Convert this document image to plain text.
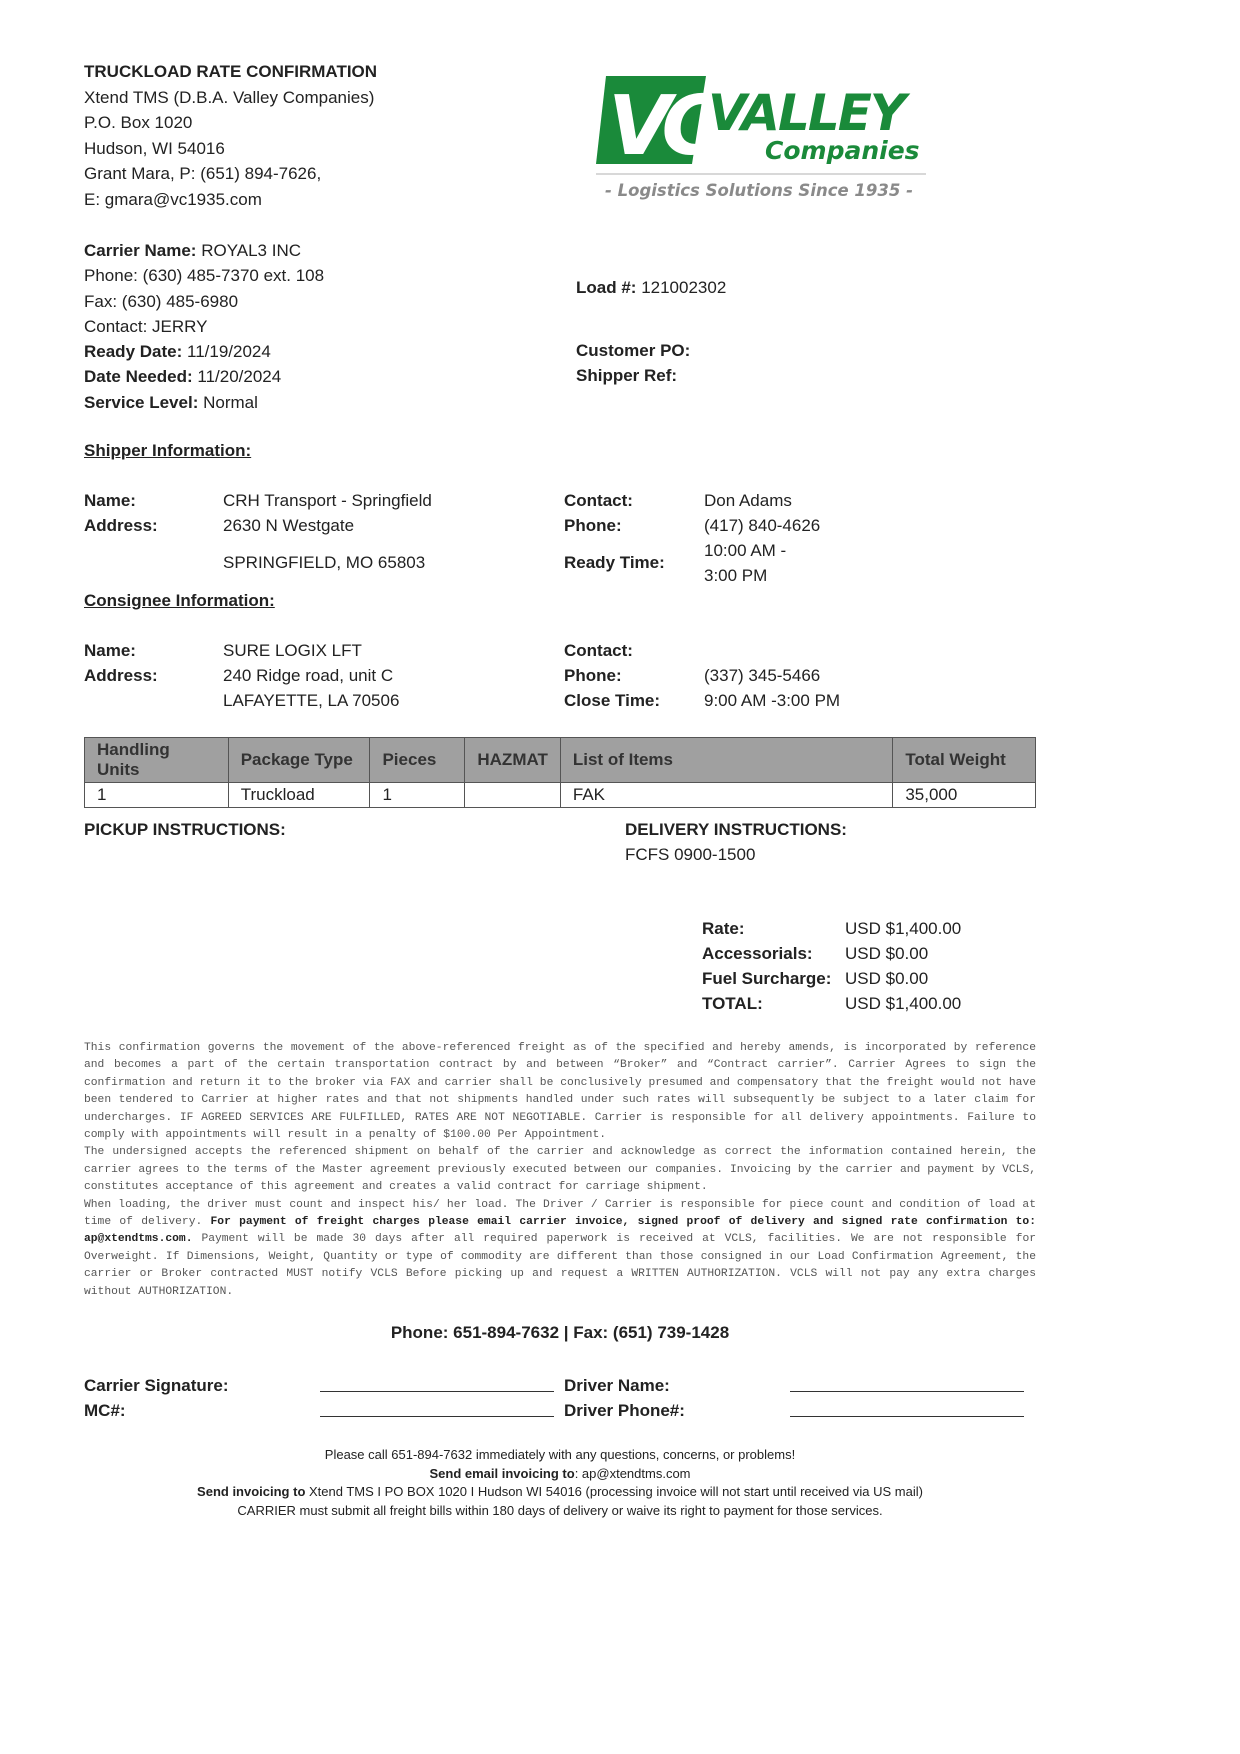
TRUCKLOAD RATE CONFIRMATION
Xtend TMS (D.B.A. Valley Companies)
P.O. Box 1020
Hudson, WI 54016
Grant Mara, P: (651) 894-7626,
E: gmara@vc1935.com
VC
VALLEY
Companies
- Logistics Solutions Since 1935 -
Carrier Name: ROYAL3 INC
Phone: (630) 485-7370 ext. 108
Fax: (630) 485-6980
Contact: JERRY
Ready Date: 11/19/2024
Date Needed: 11/20/2024
Service Level: Normal
Load #: 121002302
Customer PO:
Shipper Ref:
Shipper Information:
Name:	CRH Transport - Springfield
Address:	2630 N Westgate
SPRINGFIELD, MO 65803
Contact:	Don Adams
Phone:	(417) 840-4626
Ready Time:
10:00 AM -
3:00 PM
Consignee Information:
Name:	SURE LOGIX LFT
Address:	240 Ridge road, unit C
LAFAYETTE, LA 70506
Contact:
Phone:	(337) 345-5466
Close Time:	9:00 AM -3:00 PM
Handling Units	Package Type	Pieces	HAZMAT	List of Items	Total Weight
1	Truckload	1		FAK	35,000
PICKUP INSTRUCTIONS:	DELIVERY INSTRUCTIONS:
FCFS 0900-1500
Rate:	USD $1,400.00
Accessorials:	USD $0.00
Fuel Surcharge:	USD $0.00
TOTAL:	USD $1,400.00

This confirmation governs the movement of the above-referenced freight as of the specified and hereby amends, is incorporated by reference and becomes a part of the certain transportation contract by and between “Broker” and “Contract carrier”. Carrier Agrees to sign the confirmation and return it to the broker via FAX and carrier shall be conclusively presumed and compensatory that the freight would not have been tendered to Carrier at higher rates and that not shipments handled under such rates will subsequently be subject to a later claim for undercharges. IF AGREED SERVICES ARE FULFILLED, RATES ARE NOT NEGOTIABLE. Carrier is responsible for all delivery appointments. Failure to comply with appointments will result in a penalty of $100.00 Per Appointment.

The undersigned accepts the referenced shipment on behalf of the carrier and acknowledge as correct the information contained herein, the carrier agrees to the terms of the Master agreement previously executed between our companies. Invoicing by the carrier and payment by VCLS, constitutes acceptance of this agreement and creates a valid contract for carriage shipment.

When loading, the driver must count and inspect his/ her load. The Driver / Carrier is responsible for piece count and condition of load at time of delivery. For payment of freight charges please email carrier invoice, signed proof of delivery and signed rate confirmation to: ap@xtendtms.com. Payment will be made 30 days after all required paperwork is received at VCLS, facilities. We are not responsible for Overweight. If Dimensions, Weight, Quantity or type of commodity are different than those consigned in our Load Confirmation Agreement, the carrier or Broker contracted MUST notify VCLS Before picking up and request a WRITTEN AUTHORIZATION. VCLS will not pay any extra charges without AUTHORIZATION.

Phone: 651-894-7632 | Fax: (651) 739-1428
Carrier Signature:
MC#:
Driver Name:
Driver Phone#:
Please call 651-894-7632 immediately with any questions, concerns, or problems!
Send email invoicing to: ap@xtendtms.com
Send invoicing to Xtend TMS I PO BOX 1020 I Hudson WI 54016 (processing invoice will not start until received via US mail)
CARRIER must submit all freight bills within 180 days of delivery or waive its right to payment for those services.
